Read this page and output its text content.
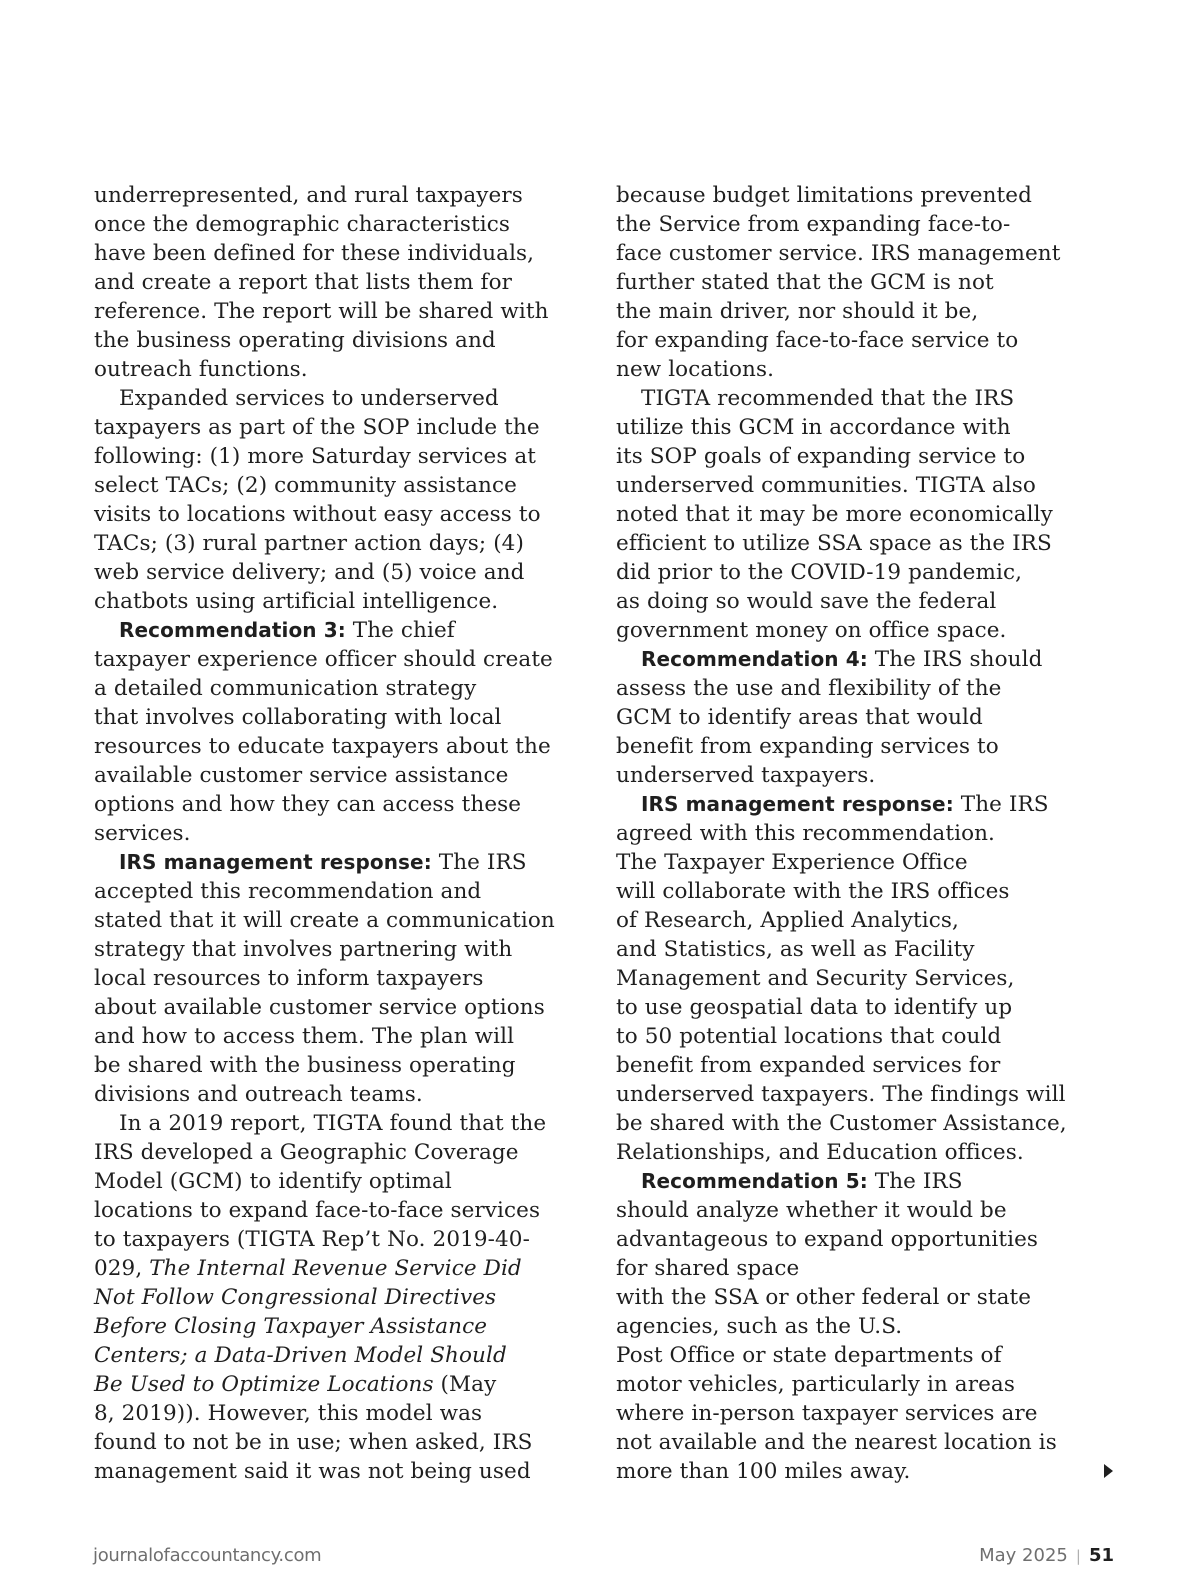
underrepresented, and rural taxpayers
once the demographic characteristics
have been defined for these individuals,
and create a report that lists them for
reference. The report will be shared with
the business operating divisions and
outreach functions.
Expanded services to underserved
taxpayers as part of the SOP include the
following: (1) more Saturday services at
select TACs; (2) community assistance
visits to locations without easy access to
TACs; (3) rural partner action days; (4)
web service delivery; and (5) voice and
chatbots using artificial intelligence.
Recommendation 3: The chief
taxpayer experience officer should create
a detailed communication strategy
that involves collaborating with local
resources to educate taxpayers about the
available customer service assistance
options and how they can access these
services.
IRS management response: The IRS
accepted this recommendation and
stated that it will create a communication
strategy that involves partnering with
local resources to inform taxpayers
about available customer service options
and how to access them. The plan will
be shared with the business operating
divisions and outreach teams.
In a 2019 report, TIGTA found that the
IRS developed a Geographic Coverage
Model (GCM) to identify optimal
locations to expand face-to-face services
to taxpayers (TIGTA Rep’t No. 2019-40-
029, The Internal Revenue Service Did
Not Follow Congressional Directives
Before Closing Taxpayer Assistance
Centers; a Data-Driven Model Should
Be Used to Optimize Locations (May
8, 2019)). However, this model was
found to not be in use; when asked, IRS
management said it was not being used
because budget limitations prevented
the Service from expanding face-to-
face customer service. IRS management
further stated that the GCM is not
the main driver, nor should it be,
for expanding face-to-face service to
new locations.
TIGTA recommended that the IRS
utilize this GCM in accordance with
its SOP goals of expanding service to
underserved communities. TIGTA also
noted that it may be more economically
efficient to utilize SSA space as the IRS
did prior to the COVID-19 pandemic,
as doing so would save the federal
government money on office space.
Recommendation 4: The IRS should
assess the use and flexibility of the
GCM to identify areas that would
benefit from expanding services to
underserved taxpayers.
IRS management response: The IRS
agreed with this recommendation.
The Taxpayer Experience Office
will collaborate with the IRS offices
of Research, Applied Analytics,
and Statistics, as well as Facility
Management and Security Services,
to use geospatial data to identify up
to 50 potential locations that could
benefit from expanded services for
underserved taxpayers. The findings will
be shared with the Customer Assistance,
Relationships, and Education offices.
Recommendation 5: The IRS
should analyze whether it would be
advantageous to expand opportunities
for shared space
with the SSA or other federal or state
agencies, such as the U.S.
Post Office or state departments of
motor vehicles, particularly in areas
where in-person taxpayer services are
not available and the nearest location is
more than 100 miles away.
journalofaccountancy.com	May 2025 | 51
